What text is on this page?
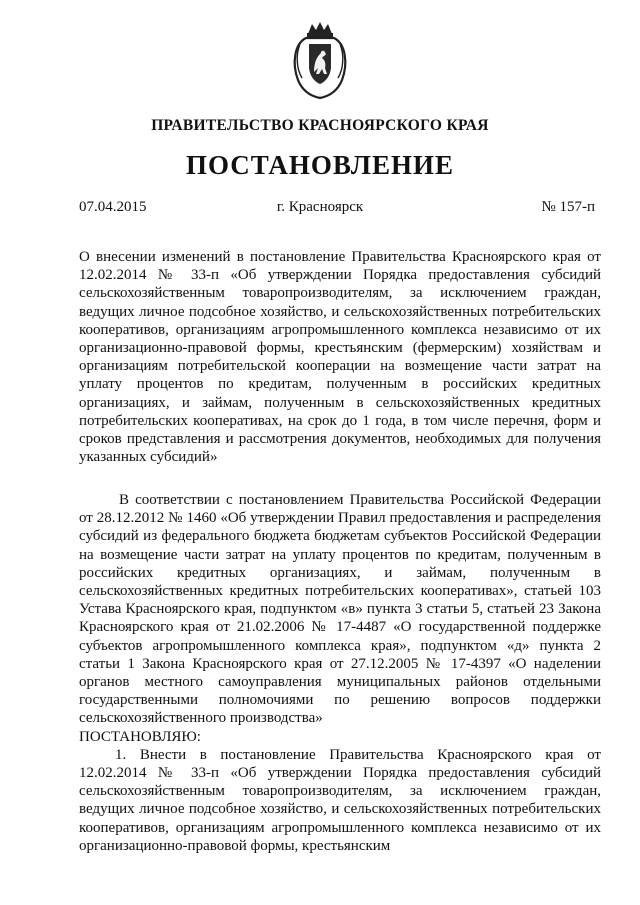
ПРАВИТЕЛЬСТВО КРАСНОЯРСКОГО КРАЯ
ПОСТАНОВЛЕНИЕ
07.04.2015	г. Красноярск	№ 157-п
О внесении изменений в постановление Правительства Красноярского края от 12.02.2014 № 33-п «Об утверждении Порядка предоставления субсидий сельскохозяйственным товаропроизводителям, за исключением граждан, ведущих личное подсобное хозяйство, и сельскохозяйственных потребительских кооперативов, организациям агропромышленного комплекса независимо от их организационно-правовой формы, крестьянским (фермерским) хозяйствам и организациям потребительской кооперации на возмещение части затрат на уплату процентов по кредитам, полученным в российских кредитных организациях, и займам, полученным в сельскохозяйственных кредитных потребительских кооперативах, на срок до 1 года, в том числе перечня, форм и сроков представления и рассмотрения документов, необходимых для получения указанных субсидий»

В соответствии с постановлением Правительства Российской Федерации от 28.12.2012 № 1460 «Об утверждении Правил предоставления и распределения субсидий из федерального бюджета бюджетам субъектов Российской Федерации на возмещение части затрат на уплату процентов по кредитам, полученным в российских кредитных организациях, и займам, полученным в сельскохозяйственных кредитных потребительских кооперативах», статьей 103 Устава Красноярского края, подпунктом «в» пункта 3 статьи 5, статьей 23 Закона Красноярского края от 21.02.2006 № 17-4487 «О государственной поддержке субъектов агропромышленного комплекса края», подпунктом «д» пункта 2 статьи 1 Закона Красноярского края от 27.12.2005 № 17-4397 «О наделении органов местного самоуправления муниципальных районов отдельными государственными полномочиями по решению вопросов поддержки сельскохозяйственного производства»

ПОСТАНОВЛЯЮ:

1. Внести в постановление Правительства Красноярского края от 12.02.2014 № 33-п «Об утверждении Порядка предоставления субсидий сельскохозяйственным товаропроизводителям, за исключением граждан, ведущих личное подсобное хозяйство, и сельскохозяйственных потребительских кооперативов, организациям агропромышленного комплекса независимо от их организационно-правовой формы, крестьянским
